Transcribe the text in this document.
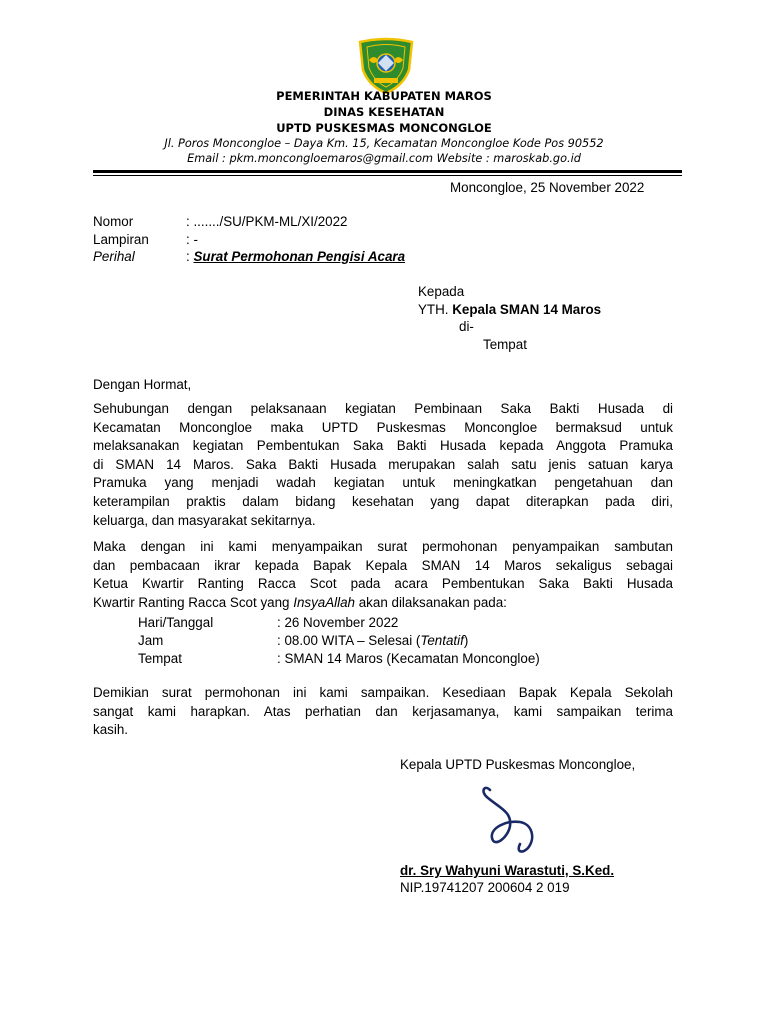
PEMERINTAH KABUPATEN MAROS
DINAS KESEHATAN
UPTD PUSKESMAS MONCONGLOE
Jl. Poros Moncongloe – Daya Km. 15, Kecamatan Moncongloe Kode Pos 90552
Email : pkm.moncongloemaros@gmail.com Website : maroskab.go.id
Moncongloe, 25 November 2022
Nomor	: ......./SU/PKM-ML/XI/2022
Lampiran	: -
Perihal	: Surat Permohonan Pengisi Acara
Kepada
YTH. Kepala SMAN 14 Maros
di-
Tempat
Dengan Hormat,
Sehubungan dengan pelaksanaan kegiatan Pembinaan Saka Bakti Husada di
Kecamatan Moncongloe maka UPTD Puskesmas Moncongloe bermaksud untuk
melaksanakan kegiatan Pembentukan Saka Bakti Husada kepada Anggota Pramuka
di SMAN 14 Maros. Saka Bakti Husada merupakan salah satu jenis satuan karya
Pramuka yang menjadi wadah kegiatan untuk meningkatkan pengetahuan dan
keterampilan praktis dalam bidang kesehatan yang dapat diterapkan pada diri,
keluarga, dan masyarakat sekitarnya.
Maka dengan ini kami menyampaikan surat permohonan penyampaikan sambutan
dan pembacaan ikrar kepada Bapak Kepala SMAN 14 Maros sekaligus sebagai
Ketua Kwartir Ranting Racca Scot pada acara Pembentukan Saka Bakti Husada
Kwartir Ranting Racca Scot yang InsyaAllah akan dilaksanakan pada:
Hari/Tanggal	: 26 November 2022
Jam	: 08.00 WITA – Selesai (Tentatif)
Tempat	: SMAN 14 Maros (Kecamatan Moncongloe)
Demikian surat permohonan ini kami sampaikan. Kesediaan Bapak Kepala Sekolah
sangat kami harapkan. Atas perhatian dan kerjasamanya, kami sampaikan terima
kasih.
Kepala UPTD Puskesmas Moncongloe,
dr. Sry Wahyuni Warastuti, S.Ked.
NIP.19741207 200604 2 019
